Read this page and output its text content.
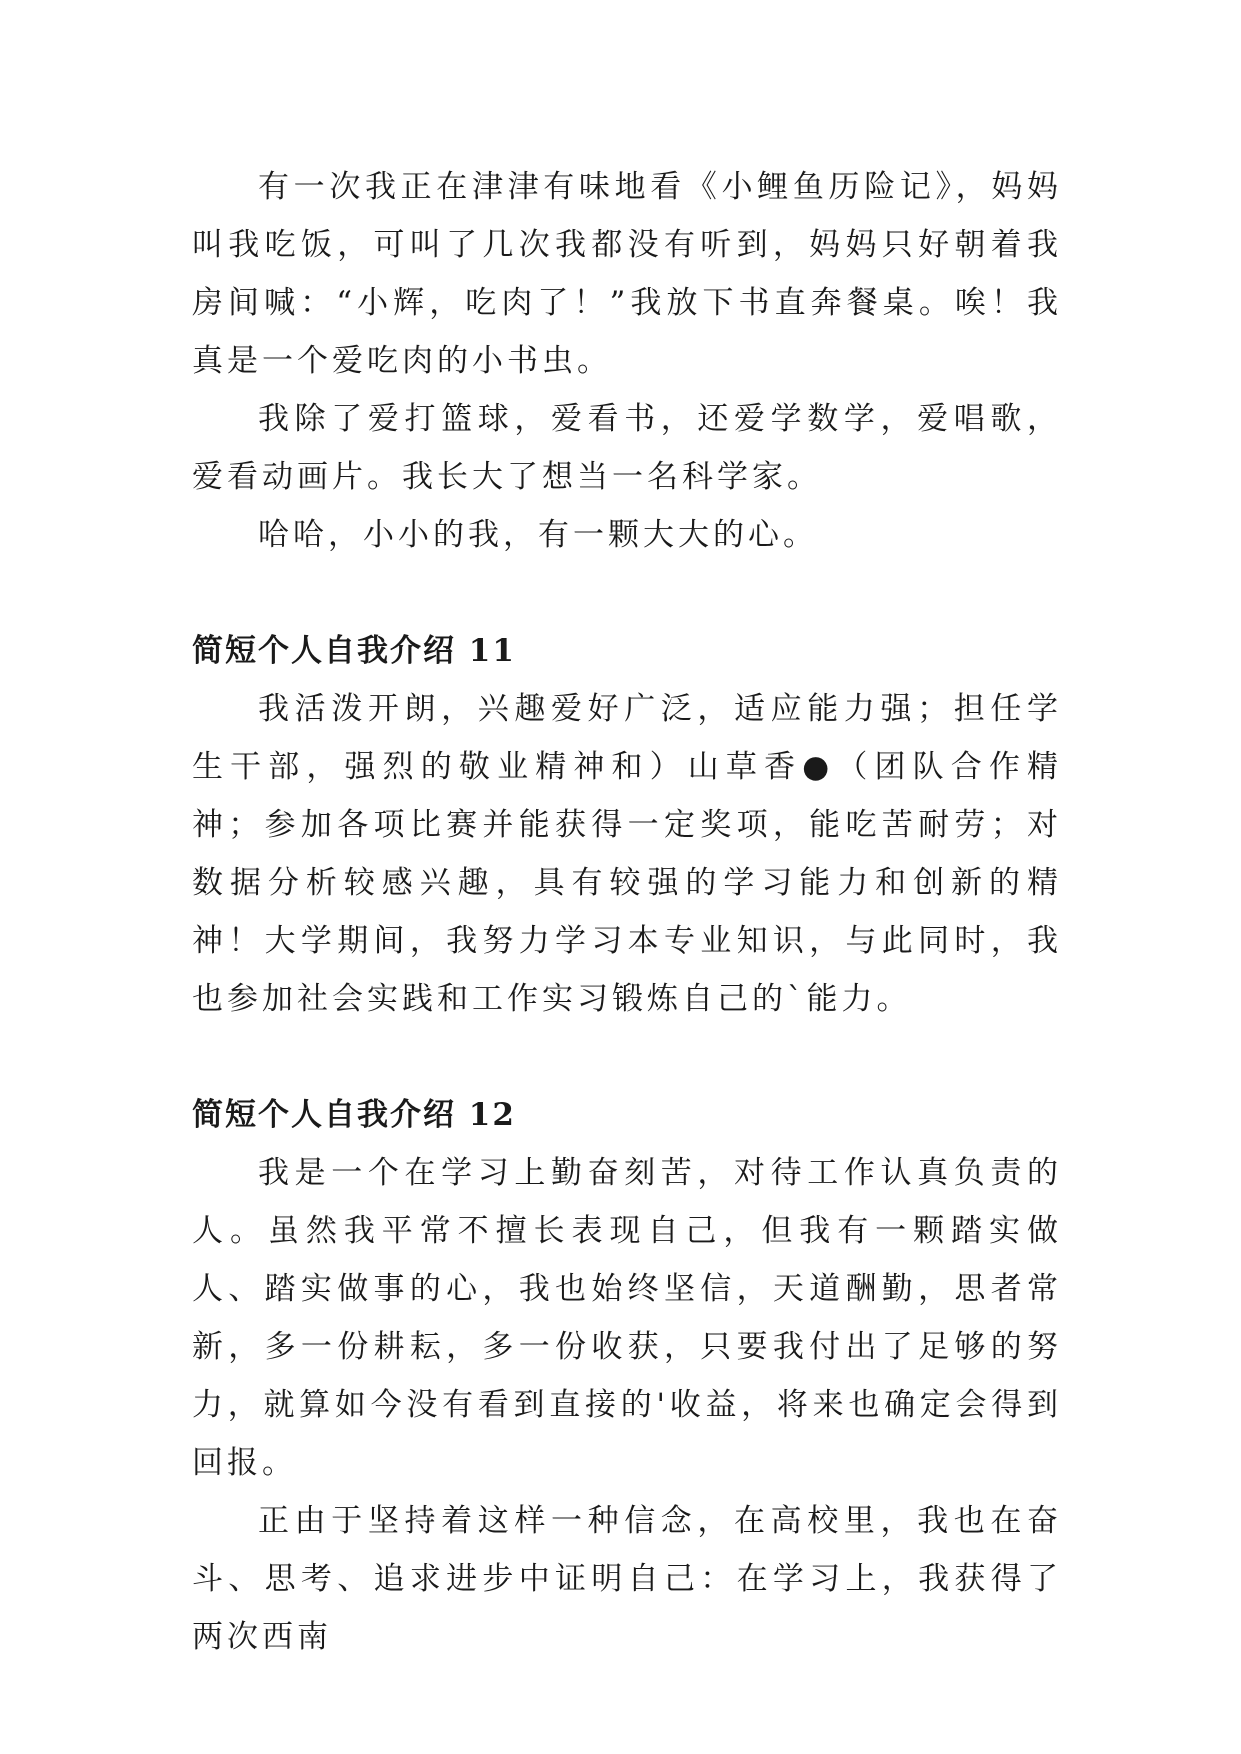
有一次我正在津津有味地看《小鲤鱼历险记》，妈妈叫我吃饭，可叫了几次我都没有听到，妈妈只好朝着我房间喊：“小辉，吃肉了！”我放下书直奔餐桌。唉！我真是一个爱吃肉的小书虫。

我除了爱打篮球，爱看书，还爱学数学，爱唱歌，爱看动画片。我长大了想当一名科学家。

哈哈，小小的我，有一颗大大的心。

简短个人自我介绍 11

我活泼开朗，兴趣爱好广泛，适应能力强；担任学生干部，强烈的敬业精神和）山草香●（团队合作精神；参加各项比赛并能获得一定奖项，能吃苦耐劳；对数据分析较感兴趣，具有较强的学习能力和创新的精神！大学期间，我努力学习本专业知识，与此同时，我也参加社会实践和工作实习锻炼自己的`能力。

简短个人自我介绍 12

我是一个在学习上勤奋刻苦，对待工作认真负责的人。虽然我平常不擅长表现自己，但我有一颗踏实做人、踏实做事的心，我也始终坚信，天道酬勤，思者常新，多一份耕耘，多一份收获，只要我付出了足够的努力，就算如今没有看到直接的'收益，将来也确定会得到回报。

正由于坚持着这样一种信念，在高校里，我也在奋斗、思考、追求进步中证明自己：在学习上，我获得了两次西南
